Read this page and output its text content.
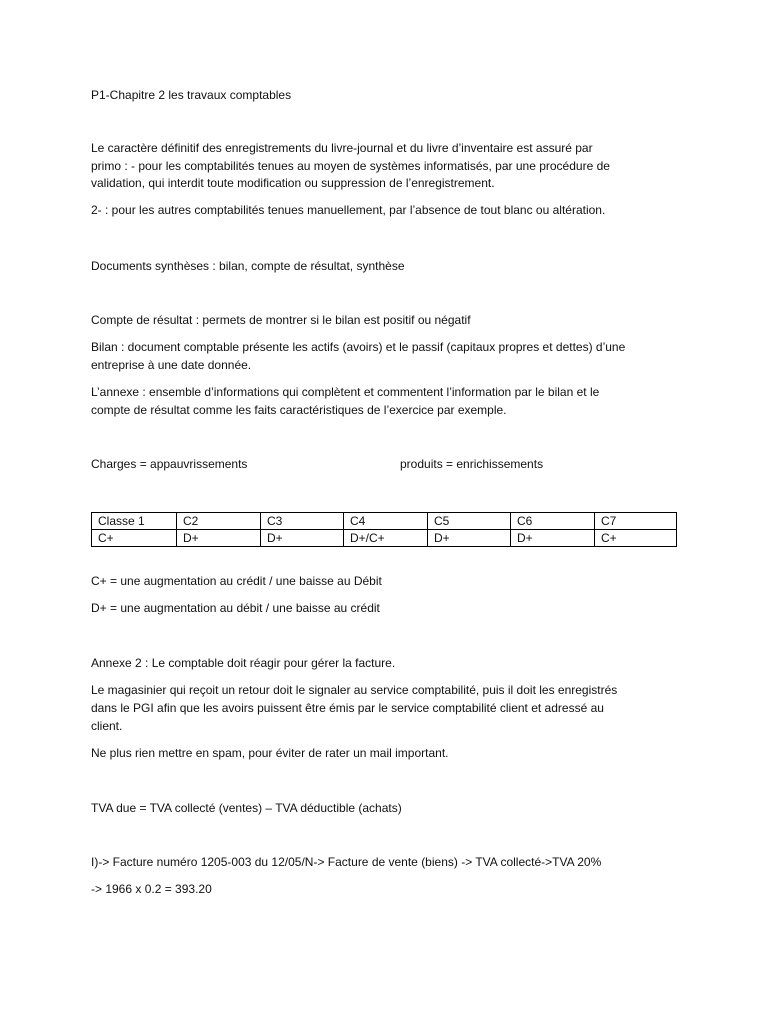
P1-Chapitre 2 les travaux comptables
Le caractère définitif des enregistrements du livre-journal et du livre d’inventaire est assuré par
primo : - pour les comptabilités tenues au moyen de systèmes informatisés, par une procédure de
validation, qui interdit toute modification ou suppression de l’enregistrement.
2- : pour les autres comptabilités tenues manuellement, par l’absence de tout blanc ou altération.
Documents synthèses : bilan, compte de résultat, synthèse
Compte de résultat : permets de montrer si le bilan est positif ou négatif
Bilan : document comptable présente les actifs (avoirs) et le passif (capitaux propres et dettes) d’une
entreprise à une date donnée.
L’annexe : ensemble d’informations qui complètent et commentent l’information par le bilan et le
compte de résultat comme les faits caractéristiques de l’exercice par exemple.
Charges = appauvrissements	produits = enrichissements
Classe 1	C2	C3	C4	C5	C6	C7
C+	D+	D+	D+/C+	D+	D+	C+
C+ = une augmentation au crédit / une baisse au Débit
D+ = une augmentation au débit / une baisse au crédit
Annexe 2 : Le comptable doit réagir pour gérer la facture.
Le magasinier qui reçoit un retour doit le signaler au service comptabilité, puis il doit les enregistrés
dans le PGI afin que les avoirs puissent être émis par le service comptabilité client et adressé au
client.
Ne plus rien mettre en spam, pour éviter de rater un mail important.
TVA due = TVA collecté (ventes) – TVA déductible (achats)
I)-> Facture numéro 1205-003 du 12/05/N-> Facture de vente (biens) -> TVA collecté->TVA 20%
-> 1966 x 0.2 = 393.20
